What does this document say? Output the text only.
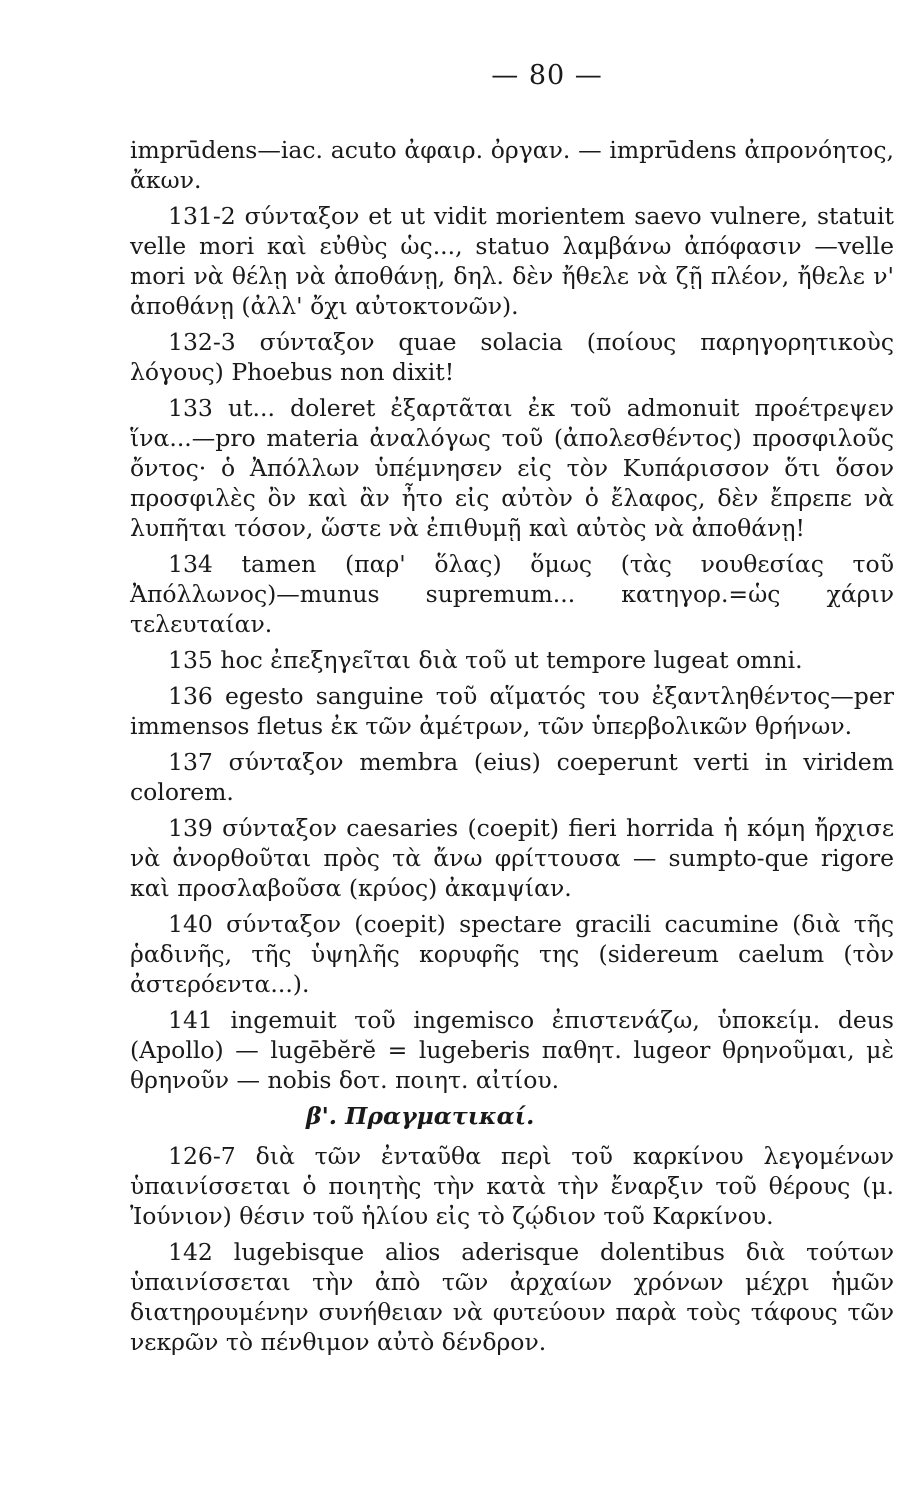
— 80 —

imprūdens—iac. acuto ἀφαιρ. ὀργαν. — imprūdens ἀπρονόητος, ἄκων.

131-2 σύνταξον et ut vidit morientem saevo vulnere, statuit velle mori καὶ εὐθὺς ὡς..., statuo λαμβάνω ἀπόφασιν —velle mori νὰ θέλῃ νὰ ἀποθάνῃ, δηλ. δὲν ἤθελε νὰ ζῇ πλέον, ἤθελε ν' ἀποθάνῃ (ἀλλ' ὄχι αὐτοκτονῶν).

132-3 σύνταξον quae solacia (ποίους παρηγορητικοὺς λόγους) Phoebus non dixit!

133 ut... doleret ἐξαρτᾶται ἐκ τοῦ admonuit προέτρεψεν ἵνα...—pro materia ἀναλόγως τοῦ (ἀπολεσθέντος) προσφιλοῦς ὄντος· ὁ Ἀπόλλων ὑπέμνησεν εἰς τὸν Κυπάρισσον ὅτι ὅσον προσφιλὲς ὂν καὶ ἂν ἦτο εἰς αὐτὸν ὁ ἔλαφος, δὲν ἔπρεπε νὰ λυπῆται τόσον, ὥστε νὰ ἐπιθυμῇ καὶ αὐτὸς νὰ ἀποθάνῃ!

134 tamen (παρ' ὅλας) ὅμως (τὰς νουθεσίας τοῦ Ἀπόλλωνος)—munus supremum... κατηγορ.=ὡς χάριν τελευταίαν.

135 hoc ἐπεξηγεῖται διὰ τοῦ ut tempore lugeat omni.

136 egesto sanguine τοῦ αἵματός του ἐξαντληθέντος—per immensos fletus ἐκ τῶν ἀμέτρων, τῶν ὑπερβολικῶν θρήνων.

137 σύνταξον membra (eius) coeperunt verti in viridem colorem.

139 σύνταξον caesaries (coepit) fieri horrida ἡ κόμη ἤρχισε νὰ ἀνορθοῦται πρὸς τὰ ἄνω φρίττουσα — sumpto-que rigore καὶ προσλαβοῦσα (κρύος) ἀκαμψίαν.

140 σύνταξον (coepit) spectare gracili cacumine (διὰ τῆς ῥαδινῆς, τῆς ὑψηλῆς κορυφῆς της (sidereum caelum (τὸν ἀστερόεντα...).

141 ingemuit τοῦ ingemisco ἐπιστενάζω, ὑποκείμ. deus (Apollo) — lugēbĕrĕ = lugeberis παθητ. lugeor θρηνοῦμαι, μὲ θρηνοῦν — nobis δοτ. ποιητ. αἰτίου.

β'. Πραγματικαί.

126-7 διὰ τῶν ἐνταῦθα περὶ τοῦ καρκίνου λεγομένων ὑπαινίσσεται ὁ ποιητὴς τὴν κατὰ τὴν ἔναρξιν τοῦ θέρους (μ. Ἰούνιον) θέσιν τοῦ ἡλίου εἰς τὸ ζῴδιον τοῦ Καρκίνου.

142 lugebisque alios aderisque dolentibus διὰ τούτων ὑπαινίσσεται τὴν ἀπὸ τῶν ἀρχαίων χρόνων μέχρι ἡμῶν διατηρουμένην συνήθειαν νὰ φυτεύουν παρὰ τοὺς τάφους τῶν νεκρῶν τὸ πένθιμον αὐτὸ δένδρον.
